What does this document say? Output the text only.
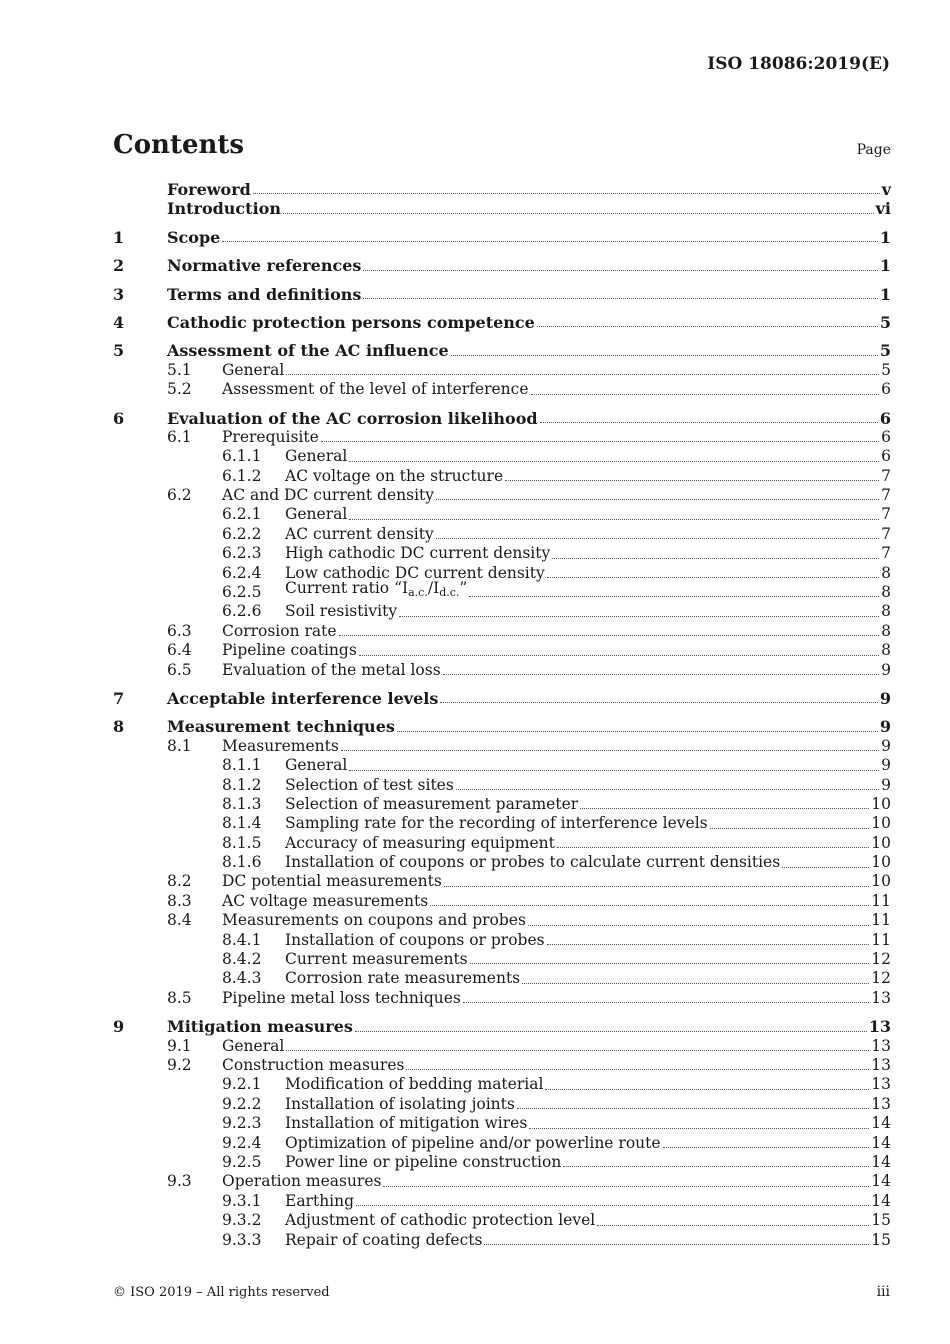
ISO 18086:2019(E)
Contents	Page
Foreword	v
Introduction	vi
1	Scope	1
2	Normative references	1
3	Terms and definitions	1
4	Cathodic protection persons competence	5
5	Assessment of the AC influence	5
5.1	General	5
5.2	Assessment of the level of interference	6
6	Evaluation of the AC corrosion likelihood	6
6.1	Prerequisite	6
6.1.1	General	6
6.1.2	AC voltage on the structure	7
6.2	AC and DC current density	7
6.2.1	General	7
6.2.2	AC current density	7
6.2.3	High cathodic DC current density	7
6.2.4	Low cathodic DC current density	8
6.2.5	Current ratio “$I_{a.c.}/I_{d.c.}$”	8
6.2.6	Soil resistivity	8
6.3	Corrosion rate	8
6.4	Pipeline coatings	8
6.5	Evaluation of the metal loss	9
7	Acceptable interference levels	9
8	Measurement techniques	9
8.1	Measurements	9
8.1.1	General	9
8.1.2	Selection of test sites	9
8.1.3	Selection of measurement parameter	10
8.1.4	Sampling rate for the recording of interference levels	10
8.1.5	Accuracy of measuring equipment	10
8.1.6	Installation of coupons or probes to calculate current densities	10
8.2	DC potential measurements	10
8.3	AC voltage measurements	11
8.4	Measurements on coupons and probes	11
8.4.1	Installation of coupons or probes	11
8.4.2	Current measurements	12
8.4.3	Corrosion rate measurements	12
8.5	Pipeline metal loss techniques	13
9	Mitigation measures	13
9.1	General	13
9.2	Construction measures	13
9.2.1	Modification of bedding material	13
9.2.2	Installation of isolating joints	13
9.2.3	Installation of mitigation wires	14
9.2.4	Optimization of pipeline and/or powerline route	14
9.2.5	Power line or pipeline construction	14
9.3	Operation measures	14
9.3.1	Earthing	14
9.3.2	Adjustment of cathodic protection level	15
9.3.3	Repair of coating defects	15
© ISO 2019 – All rights reserved	iii
